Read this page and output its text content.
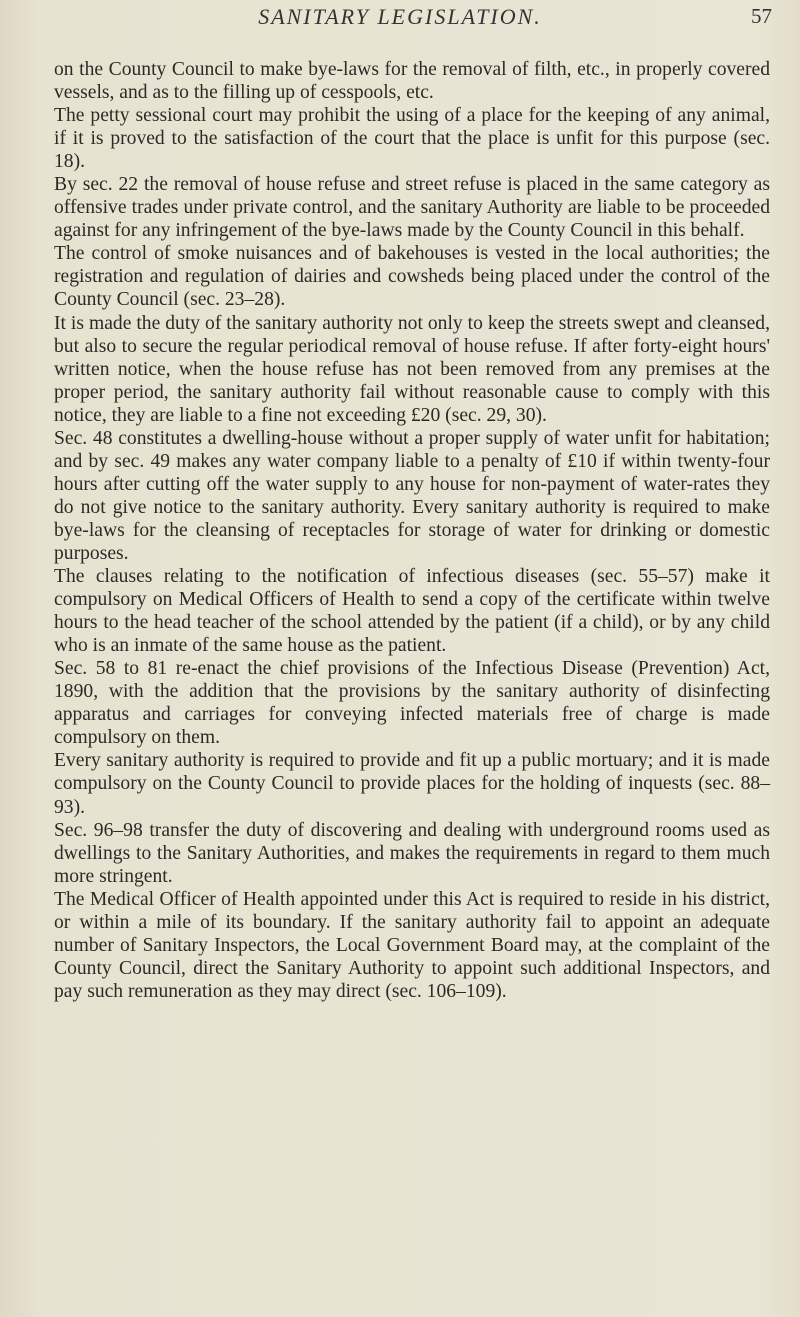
SANITARY LEGISLATION.	57

on the County Council to make bye-laws for the removal of filth, etc., in properly covered vessels, and as to the filling up of cesspools, etc.

The petty sessional court may prohibit the using of a place for the keeping of any animal, if it is proved to the satisfaction of the court that the place is unfit for this purpose (sec. 18).

By sec. 22 the removal of house refuse and street refuse is placed in the same category as offensive trades under private control, and the sanitary Authority are liable to be proceeded against for any infringement of the bye-laws made by the County Council in this behalf.

The control of smoke nuisances and of bakehouses is vested in the local authorities; the registration and regulation of dairies and cowsheds being placed under the control of the County Council (sec. 23–28).

It is made the duty of the sanitary authority not only to keep the streets swept and cleansed, but also to secure the regular periodical removal of house refuse. If after forty-eight hours' written notice, when the house refuse has not been removed from any premises at the proper period, the sanitary authority fail without reasonable cause to comply with this notice, they are liable to a fine not exceeding £20 (sec. 29, 30).

Sec. 48 constitutes a dwelling-house without a proper supply of water unfit for habitation; and by sec. 49 makes any water company liable to a penalty of £10 if within twenty-four hours after cutting off the water supply to any house for non-payment of water-rates they do not give notice to the sanitary authority. Every sanitary authority is required to make bye-laws for the cleansing of receptacles for storage of water for drinking or domestic purposes.

The clauses relating to the notification of infectious diseases (sec. 55–57) make it compulsory on Medical Officers of Health to send a copy of the certificate within twelve hours to the head teacher of the school attended by the patient (if a child), or by any child who is an inmate of the same house as the patient.

Sec. 58 to 81 re-enact the chief provisions of the Infectious Disease (Prevention) Act, 1890, with the addition that the provisions by the sanitary authority of disinfecting apparatus and carriages for conveying infected materials free of charge is made compulsory on them.

Every sanitary authority is required to provide and fit up a public mortuary; and it is made compulsory on the County Council to provide places for the holding of inquests (sec. 88–93).

Sec. 96–98 transfer the duty of discovering and dealing with underground rooms used as dwellings to the Sanitary Authorities, and makes the requirements in regard to them much more stringent.

The Medical Officer of Health appointed under this Act is required to reside in his district, or within a mile of its boundary. If the sanitary authority fail to appoint an adequate number of Sanitary Inspectors, the Local Government Board may, at the complaint of the County Council, direct the Sanitary Authority to appoint such additional Inspectors, and pay such remuneration as they may direct (sec. 106–109).
